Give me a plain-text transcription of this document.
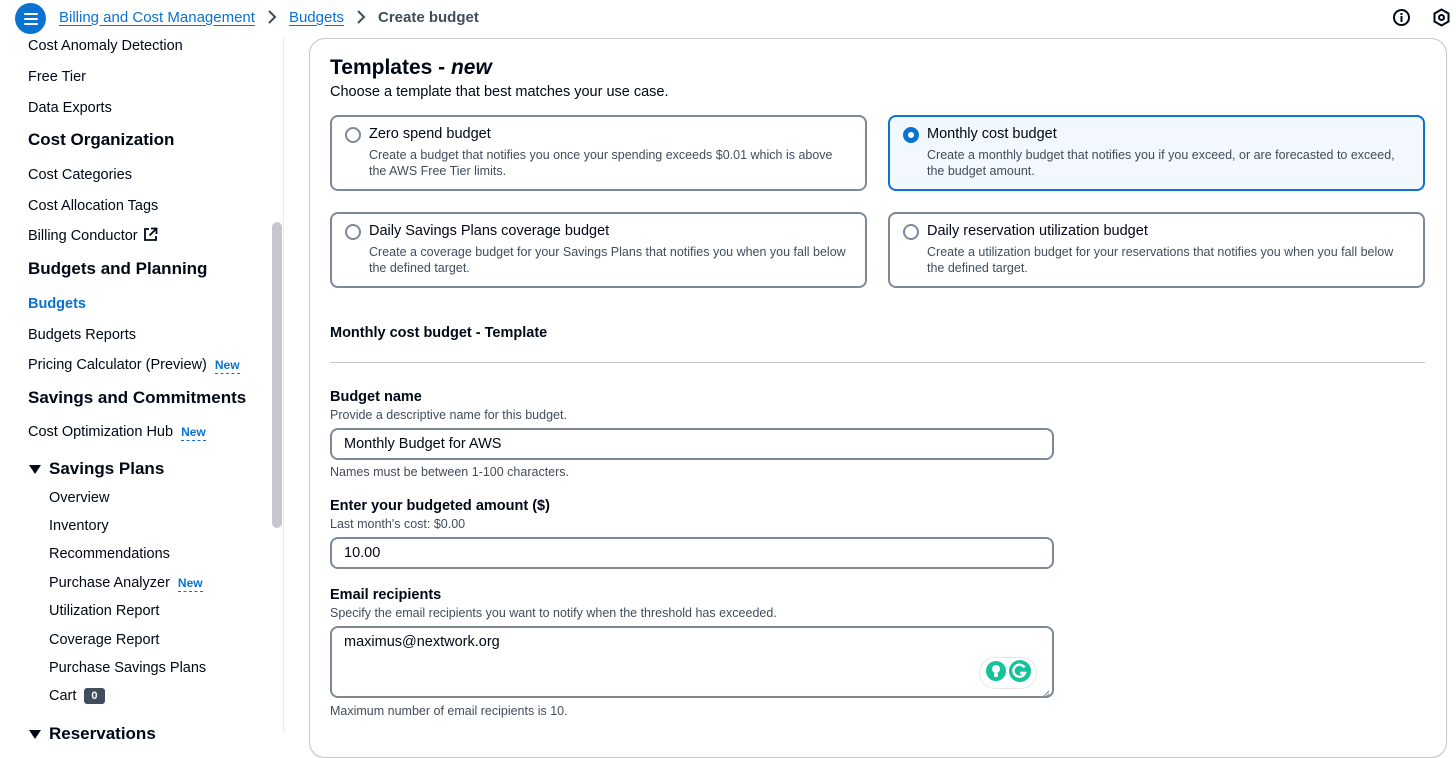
Billing and Cost Management Budgets Create budget
Cost Anomaly Detection
Free Tier
Data Exports
Cost Organization
Cost Categories
Cost Allocation Tags
Billing Conductor
Budgets and Planning
Budgets
Budgets Reports
Pricing Calculator (Preview) New
Savings and Commitments
Cost Optimization Hub New
Savings Plans
Overview
Inventory
Recommendations
Purchase Analyzer New
Utilization Report
Coverage Report
Purchase Savings Plans
Cart 0
Reservations
Templates - new
Choose a template that best matches your use case.
Zero spend budget
Create a budget that notifies you once your spending exceeds $0.01 which is above the AWS Free Tier limits.
Monthly cost budget
Create a monthly budget that notifies you if you exceed, or are forecasted to exceed, the budget amount.
Daily Savings Plans coverage budget
Create a coverage budget for your Savings Plans that notifies you when you fall below the defined target.
Daily reservation utilization budget
Create a utilization budget for your reservations that notifies you when you fall below the defined target.
Monthly cost budget - Template
Budget name
Provide a descriptive name for this budget.
Monthly Budget for AWS
Names must be between 1-100 characters.
Enter your budgeted amount ($)
Last month's cost: $0.00
10.00
Email recipients
Specify the email recipients you want to notify when the threshold has exceeded.
maximus@nextwork.org
Maximum number of email recipients is 10.
